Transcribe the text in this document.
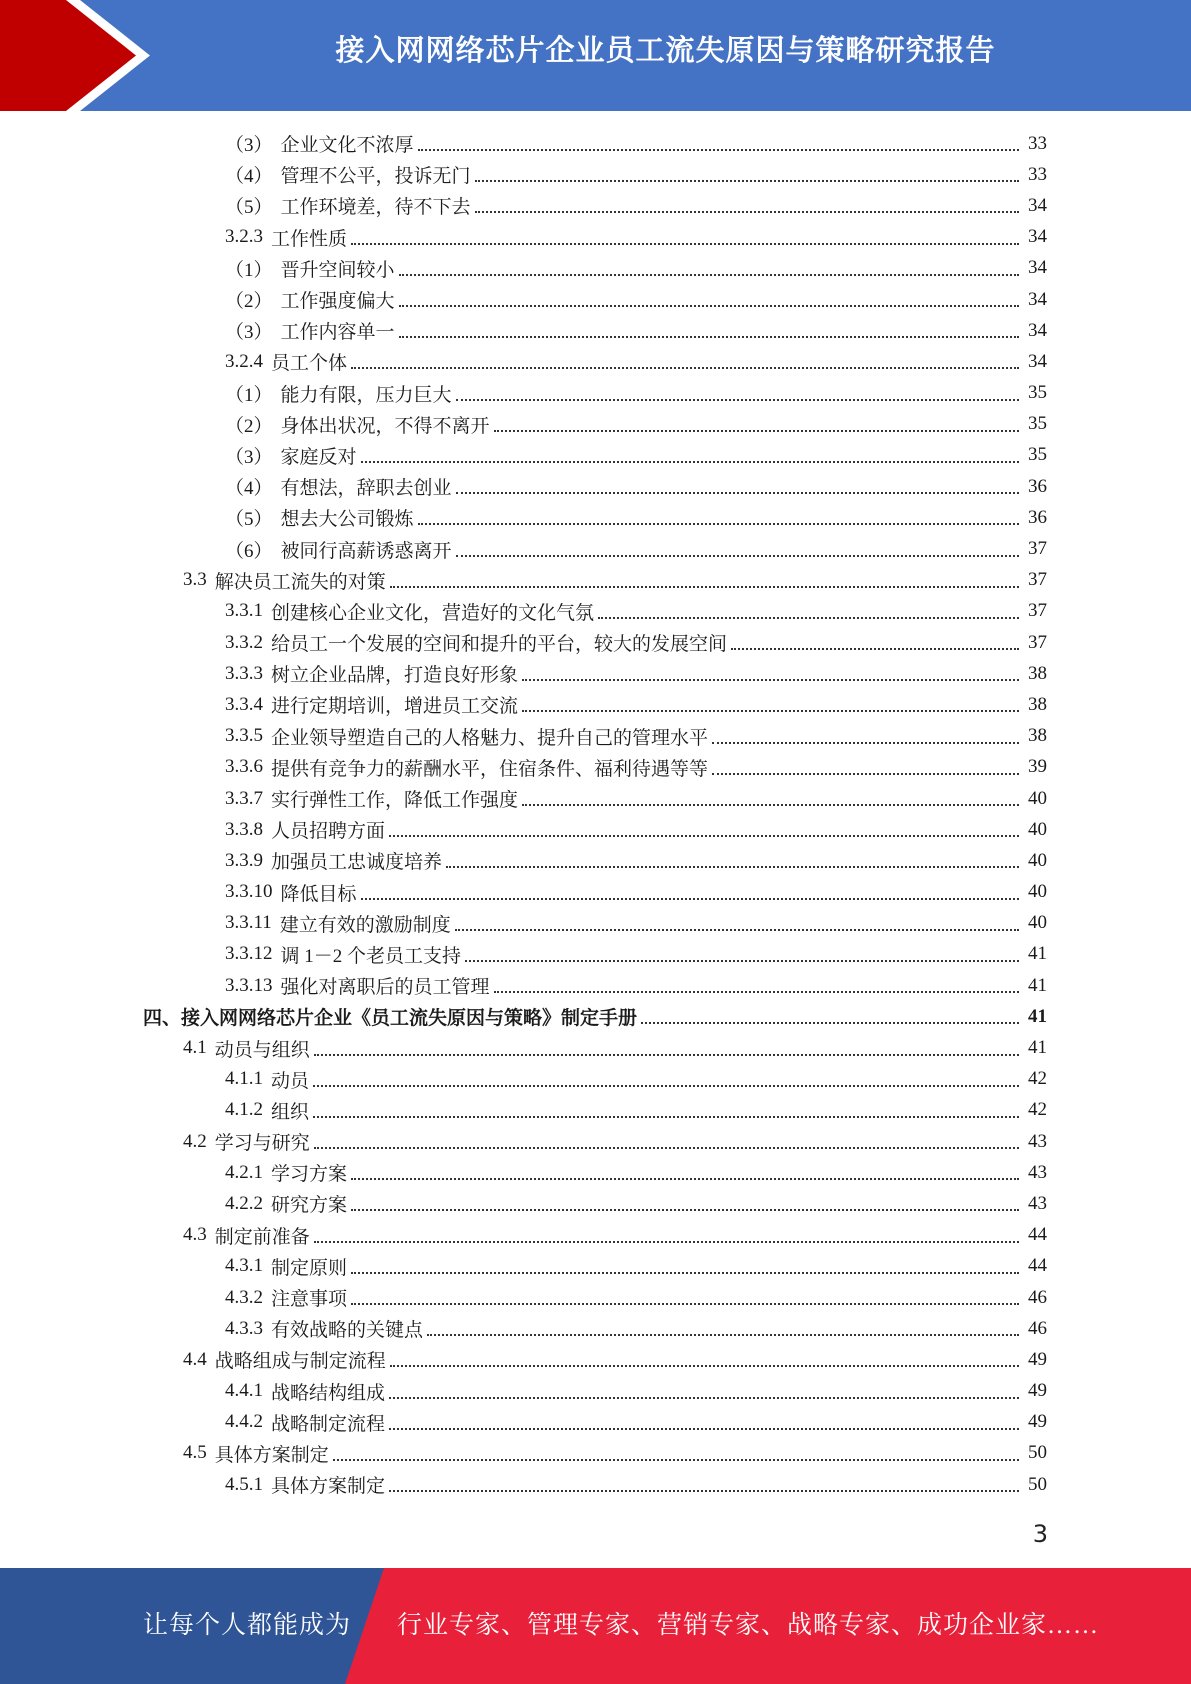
接入网网络芯片企业员工流失原因与策略研究报告
（3） 企业文化不浓厚	33
（4） 管理不公平，投诉无门	33
（5） 工作环境差，待不下去	34
3.2.3 工作性质	34
（1） 晋升空间较小	34
（2） 工作强度偏大	34
（3） 工作内容单一	34
3.2.4 员工个体	34
（1） 能力有限，压力巨大	35
（2） 身体出状况，不得不离开	35
（3） 家庭反对	35
（4） 有想法，辞职去创业	36
（5） 想去大公司锻炼	36
（6） 被同行高薪诱惑离开	37
3.3 解决员工流失的对策	37
3.3.1 创建核心企业文化，营造好的文化气氛	37
3.3.2 给员工一个发展的空间和提升的平台，较大的发展空间	37
3.3.3 树立企业品牌，打造良好形象	38
3.3.4 进行定期培训，增进员工交流	38
3.3.5 企业领导塑造自己的人格魅力、提升自己的管理水平	38
3.3.6 提供有竞争力的薪酬水平，住宿条件、福利待遇等等	39
3.3.7 实行弹性工作，降低工作强度	40
3.3.8 人员招聘方面	40
3.3.9 加强员工忠诚度培养	40
3.3.10 降低目标	40
3.3.11 建立有效的激励制度	40
3.3.12 调 1－2 个老员工支持	41
3.3.13 强化对离职后的员工管理	41
四、接入网网络芯片企业《员工流失原因与策略》制定手册	41
4.1 动员与组织	41
4.1.1 动员	42
4.1.2 组织	42
4.2 学习与研究	43
4.2.1 学习方案	43
4.2.2 研究方案	43
4.3 制定前准备	44
4.3.1 制定原则	44
4.3.2 注意事项	46
4.3.3 有效战略的关键点	46
4.4 战略组成与制定流程	49
4.4.1 战略结构组成	49
4.4.2 战略制定流程	49
4.5 具体方案制定	50
4.5.1 具体方案制定	50
3
让每个人都能成为 行业专家、管理专家、营销专家、战略专家、成功企业家……
